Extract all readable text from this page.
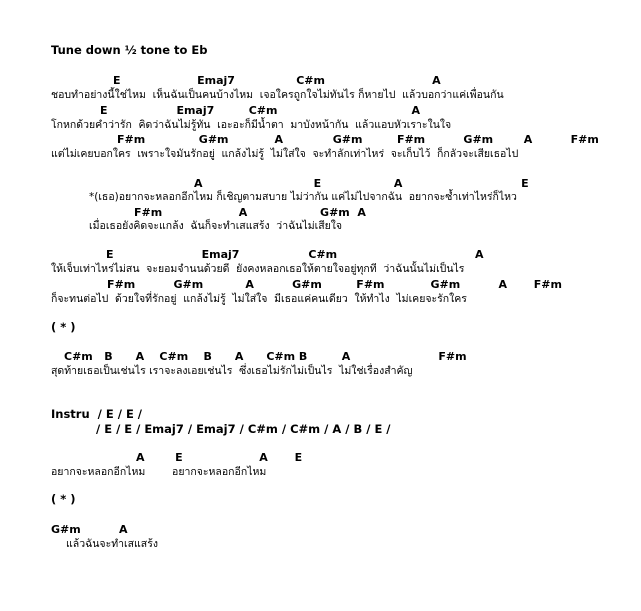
Tune down ½ tone to Eb
E                    Emaj7                C#m                            A
ชอบทำอย่างนี้ใช่ไหม  เห็นฉันเป็นคนบ้างไหม  เจอใครถูกใจไม่ทันไร ก็หายไป  แล้วบอกว่าแค่เพื่อนกัน
E                  Emaj7         C#m                                   A
โกหกด้วยคำว่ารัก  คิดว่าฉันไม่รู้ทัน  เอะอะก็มีน้ำตา  มาบังหน้ากัน  แล้วแอบหัวเราะในใจ
F#m              G#m            A             G#m         F#m          G#m        A          F#m
แต่ไม่เคยบอกใคร  เพราะใจมันรักอยู่  แกล้งไม่รู้  ไม่ใส่ใจ  จะทำลักเท่าไหร่  จะเก็บไว้  ก็กลัวจะเสียเธอไป
A                             E                   A                               E
*(เธอ)อยากจะหลอกอีกไหม ก็เชิญตามสบาย ไม่ว่ากัน แค่ไม่ไปจากฉัน  อยากจะซ้ำเท่าไหร่ก็ไหว
F#m                    A                   G#m  A
เมื่อเธอยังคิดจะแกล้ง  ฉันก็จะทำเสแสร้ง  ว่าฉันไม่เสียใจ
E                       Emaj7                  C#m                                    A
ให้เจ็บเท่าไหร่ไม่สน  จะยอมจำนนด้วยดี  ยังคงหลอกเธอให้ตายใจอยู่ทุกที  ว่าฉันนั้นไม่เป็นไร
F#m          G#m           A          G#m         F#m            G#m          A       F#m
ก็จะทนต่อไป  ด้วยใจที่รักอยู่  แกล้งไม่รู้  ไม่ใส่ใจ  มีเธอแค่คนเดียว  ให้ทำไง  ไม่เคยจะรักใคร
( * )
C#m   B      A    C#m    B      A      C#m B         A                       F#m
สุดท้ายเธอเป็นเช่นไร เราจะลงเอยเช่นไร  ซึ่งเธอไม่รักไม่เป็นไร  ไม่ใช่เรื่องสำคัญ
Instru  / E / E /
/ E / E / Emaj7 / Emaj7 / C#m / C#m / A / B / E /
A        E                    A       E
อยากจะหลอกอีกไหม        อยากจะหลอกอีกไหม
( * )
G#m          A
แล้วฉันจะทำเสแสร้ง
